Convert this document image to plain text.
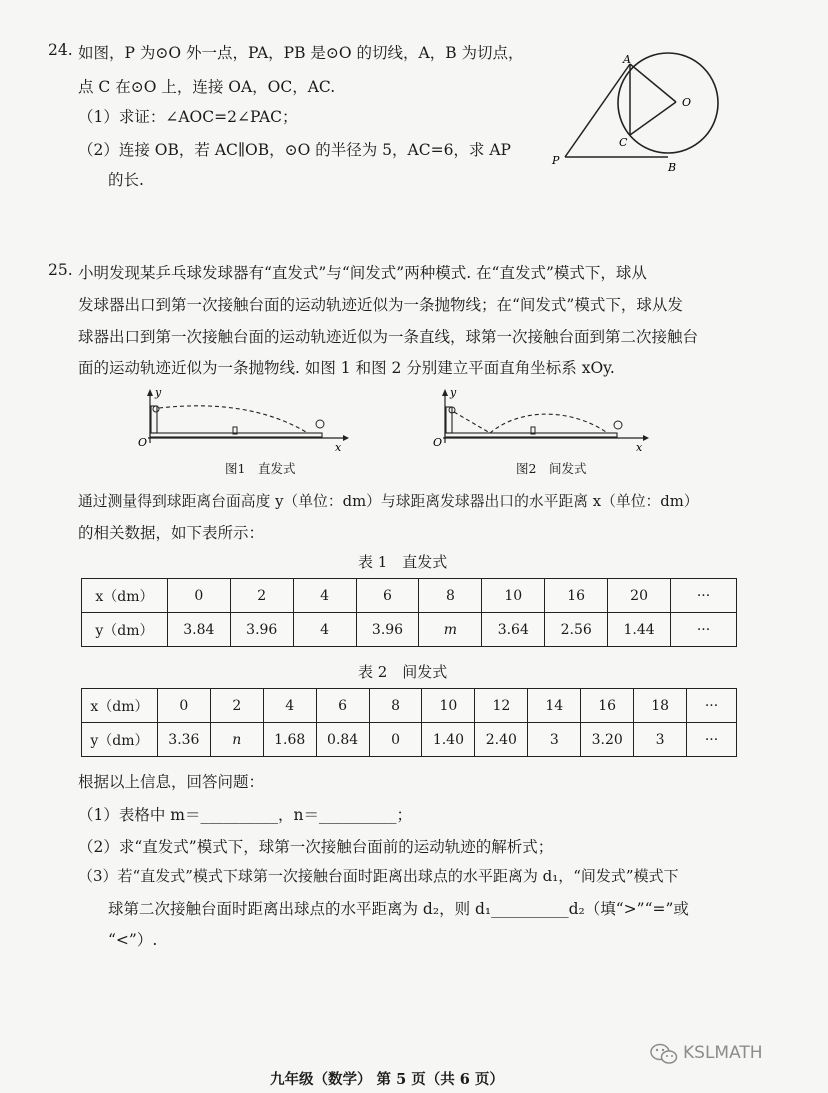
24. 如图，P 为⊙O 外一点，PA，PB 是⊙O 的切线，A，B 为切点，
点 C 在⊙O 上，连接 OA，OC，AC.
（1）求证：∠AOC=2∠PAC；
（2）连接 OB，若 AC∥OB，⊙O 的半径为 5，AC=6，求 AP
的长.
A
O
C
P
B
25. 小明发现某乒乓球发球器有“直发式”与“间发式”两种模式. 在“直发式”模式下，球从
发球器出口到第一次接触台面的运动轨迹近似为一条抛物线；在“间发式”模式下，球从发
球器出口到第一次接触台面的运动轨迹近似为一条直线，球第一次接触台面到第二次接触台
面的运动轨迹近似为一条抛物线. 如图 1 和图 2 分别建立平面直角坐标系 xOy.
y
x
O
图1　直发式
y
x
O
图2　间发式
通过测量得到球距离台面高度 y（单位：dm）与球距离发球器出口的水平距离 x（单位：dm）
的相关数据，如下表所示：
表 1　直发式
x（dm）	0	2	4	6	8	10	16	20	···
y（dm）	3.84	3.96	4	3.96	m	3.64	2.56	1.44	···
表 2　间发式
x（dm）	0	2	4	6	8	10	12	14	16	18	···
y（dm）	3.36	n	1.68	0.84	0	1.40	2.40	3	3.20	3	···
根据以上信息，回答问题：
（1）表格中 m＝__________，n＝__________；
（2）求“直发式”模式下，球第一次接触台面前的运动轨迹的解析式；
（3）若“直发式”模式下球第一次接触台面时距离出球点的水平距离为 d₁，“间发式”模式下
球第二次接触台面时距离出球点的水平距离为 d₂，则 d₁__________d₂（填“>”“=”或
“<”）.
九年级（数学） 第 5 页（共 6 页）
KSLMATH
